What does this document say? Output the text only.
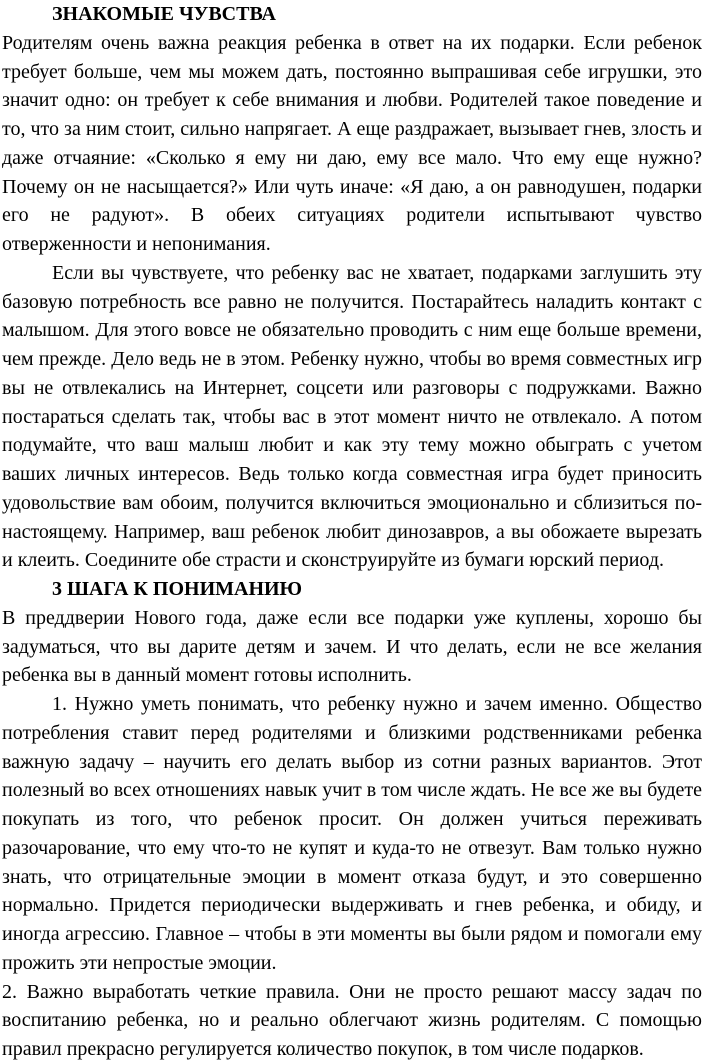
ЗНАКОМЫЕ ЧУВСТВА

Родителям очень важна реакция ребенка в ответ на их подарки. Если ребенок требует больше, чем мы можем дать, постоянно выпрашивая себе игрушки, это значит одно: он требует к себе внимания и любви. Родителей такое поведение и то, что за ним стоит, сильно напрягает. А еще раздражает, вызывает гнев, злость и даже отчаяние: «Сколько я ему ни даю, ему все мало. Что ему еще нужно? Почему он не насыщается?» Или чуть иначе: «Я даю, а он равнодушен, подарки его не радуют». В обеих ситуациях родители испытывают чувство отверженности и непонимания.

Если вы чувствуете, что ребенку вас не хватает, подарками заглушить эту базовую потребность все равно не получится. Постарайтесь наладить контакт с малышом. Для этого вовсе не обязательно проводить с ним еще больше времени, чем прежде. Дело ведь не в этом. Ребенку нужно, чтобы во время совместных игр вы не отвлекались на Интернет, соцсети или разговоры с подружками. Важно постараться сделать так, чтобы вас в этот момент ничто не отвлекало. А потом подумайте, что ваш малыш любит и как эту тему можно обыграть с учетом ваших личных интересов. Ведь только когда совместная игра будет приносить удовольствие вам обоим, получится включиться эмоционально и сблизиться по-настоящему. Например, ваш ребенок любит динозавров, а вы обожаете вырезать и клеить. Соедините обе страсти и сконструируйте из бумаги юрский период.

3 ШАГА К ПОНИМАНИЮ

В преддверии Нового года, даже если все подарки уже куплены, хорошо бы задуматься, что вы дарите детям и зачем. И что делать, если не все желания ребенка вы в данный момент готовы исполнить.

1. Нужно уметь понимать, что ребенку нужно и зачем именно. Общество потребления ставит перед родителями и близкими родственниками ребенка важную задачу – научить его делать выбор из сотни разных вариантов. Этот полезный во всех отношениях навык учит в том числе ждать. Не все же вы будете покупать из того, что ребенок просит. Он должен учиться переживать разочарование, что ему что-то не купят и куда-то не отвезут. Вам только нужно знать, что отрицательные эмоции в момент отказа будут, и это совершенно нормально. Придется периодически выдерживать и гнев ребенка, и обиду, и иногда агрессию. Главное – чтобы в эти моменты вы были рядом и помогали ему прожить эти непростые эмоции.

2. Важно выработать четкие правила. Они не просто решают массу задач по воспитанию ребенка, но и реально облегчают жизнь родителям. С помощью правил прекрасно регулируется количество покупок, в том числе подарков.
